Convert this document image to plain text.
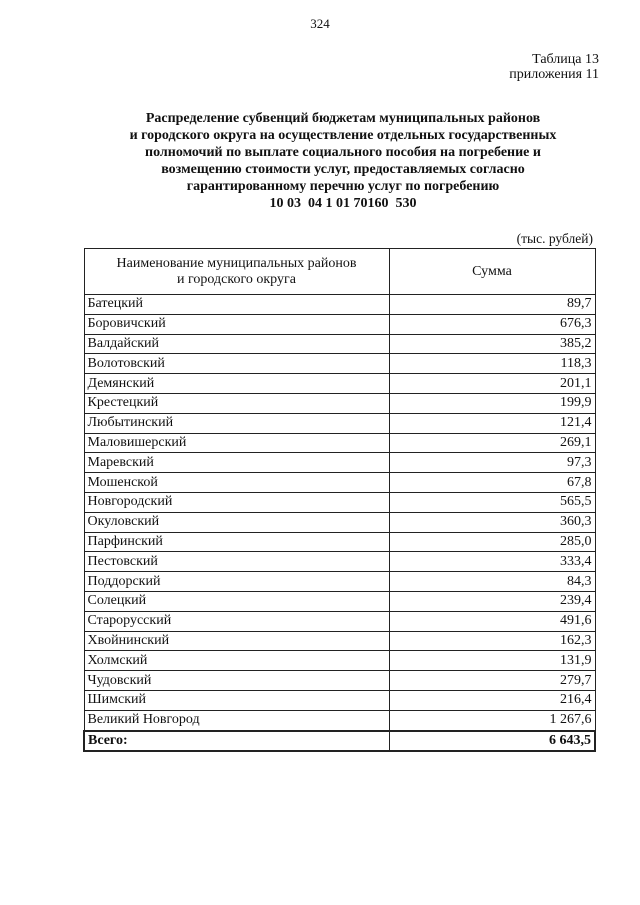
324
Таблица 13
приложения 11
Распределение субвенций бюджетам муниципальных районов
и городского округа на осуществление отдельных государственных
полномочий по выплате социального пособия на погребение и
возмещению стоимости услуг, предоставляемых согласно
гарантированному перечню услуг по погребению
10 03  04 1 01 70160  530
(тыс. рублей)
Наименование муниципальных районов
и городского округа	Сумма
Батецкий	89,7
Боровичский	676,3
Валдайский	385,2
Волотовский	118,3
Демянский	201,1
Крестецкий	199,9
Любытинский	121,4
Маловишерский	269,1
Маревский	97,3
Мошенской	67,8
Новгородский	565,5
Окуловский	360,3
Парфинский	285,0
Пестовский	333,4
Поддорский	84,3
Солецкий	239,4
Старорусский	491,6
Хвойнинский	162,3
Холмский	131,9
Чудовский	279,7
Шимский	216,4
Великий Новгород	1 267,6
Всего:	6 643,5
